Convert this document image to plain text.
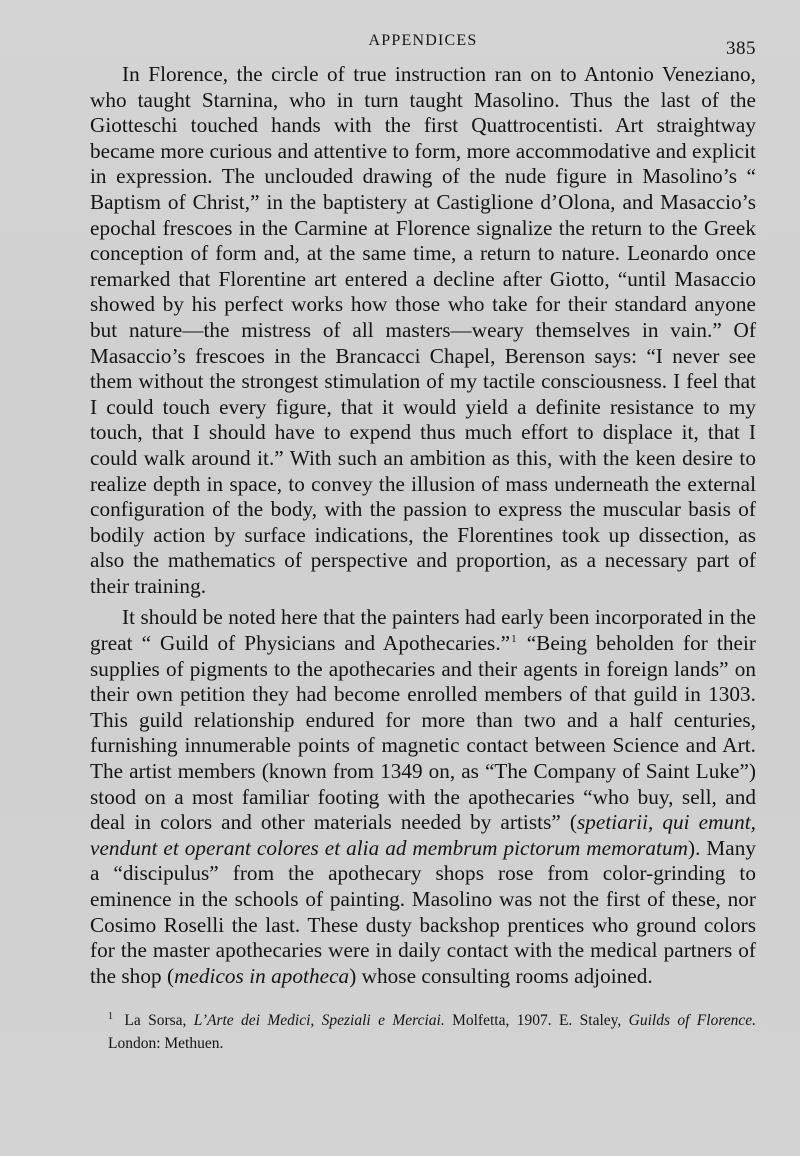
APPENDICES	385

In Florence, the circle of true instruction ran on to Antonio Veneziano, who taught Starnina, who in turn taught Masolino. Thus the last of the Giotteschi touched hands with the first Quattrocentisti. Art straightway became more curious and attentive to form, more accommodative and explicit in expression. The unclouded drawing of the nude figure in Masolino’s “ Baptism of Christ,” in the baptistery at Castiglione d’Olona, and Masaccio’s epochal frescoes in the Carmine at Florence signalize the return to the Greek conception of form and, at the same time, a return to nature. Leonardo once remarked that Florentine art entered a decline after Giotto, “until Masaccio showed by his perfect works how those who take for their standard anyone but nature—the mistress of all masters—weary themselves in vain.” Of Masaccio’s frescoes in the Brancacci Chapel, Berenson says: “I never see them without the strongest stimulation of my tactile consciousness. I feel that I could touch every figure, that it would yield a definite resistance to my touch, that I should have to expend thus much effort to displace it, that I could walk around it.” With such an ambition as this, with the keen desire to realize depth in space, to convey the illusion of mass underneath the external configuration of the body, with the passion to express the muscular basis of bodily action by surface indications, the Florentines took up dissection, as also the mathematics of perspective and proportion, as a necessary part of their training.

It should be noted here that the painters had early been incorporated in the great “ Guild of Physicians and Apothecaries.”$^1$ “Being beholden for their supplies of pigments to the apothecaries and their agents in foreign lands” on their own petition they had become enrolled members of that guild in 1303. This guild relationship endured for more than two and a half centuries, furnishing innumerable points of magnetic contact between Science and Art. The artist members (known from 1349 on, as “The Company of Saint Luke”) stood on a most familiar footing with the apothecaries “who buy, sell, and deal in colors and other materials needed by artists” (spetiarii, qui emunt, vendunt et operant colores et alia ad membrum pictorum memoratum). Many a “discipulus” from the apothecary shops rose from color-grinding to eminence in the schools of painting. Masolino was not the first of these, nor Cosimo Roselli the last. These dusty backshop prentices who ground colors for the master apothecaries were in daily contact with the medical partners of the shop (medicos in apotheca) whose consulting rooms adjoined.

$^1$ La Sorsa, L’Arte dei Medici, Speziali e Merciai. Molfetta, 1907. E. Staley, Guilds of Florence. London: Methuen.
